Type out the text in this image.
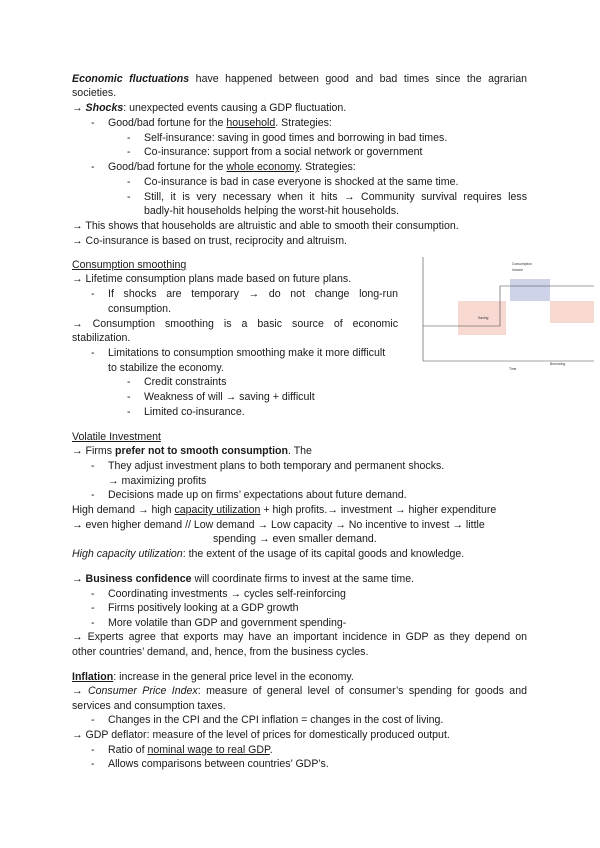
Economic fluctuations have happened between good and bad times since the agrarian
societies.
→ Shocks: unexpected events causing a GDP fluctuation.
- Good/bad fortune for the household. Strategies:
- Self-insurance: saving in good times and borrowing in bad times.
- Co-insurance: support from a social network or government
- Good/bad fortune for the whole economy. Strategies:
- Co-insurance is bad in case everyone is shocked at the same time.
- Still, it is very necessary when it hits → Community survival requires less
badly-hit households helping the worst-hit households.
→ This shows that households are altruistic and able to smooth their consumption.
→ Co-insurance is based on trust, reciprocity and altruism.
Consumption smoothing
→ Lifetime consumption plans made based on future plans.
- If shocks are temporary → do not change long-run
consumption.
→ Consumption smoothing is a basic source of economic
stabilization.
- Limitations to consumption smoothing make it more difficult
to stabilize the economy.
- Credit constraints
- Weakness of will → saving + difficult
- Limited co-insurance.
Borrowing
Time
Consumption
Income
Saving
Volatile Investment
→ Firms prefer not to smooth consumption. The
- They adjust investment plans to both temporary and permanent shocks.
→ maximizing profits
- Decisions made up on firms’ expectations about future demand.
High demand → high capacity utilization + high profits.→ investment → higher expenditure
→ even higher demand // Low demand → Low capacity → No incentive to invest → little
spending → even smaller demand.
High capacity utilization: the extent of the usage of its capital goods and knowledge.
→ Business confidence will coordinate firms to invest at the same time.
- Coordinating investments → cycles self-reinforcing
- Firms positively looking at a GDP growth
- More volatile than GDP and government spending-
→ Experts agree that exports may have an important incidence in GDP as they depend on
other countries’ demand, and, hence, from the business cycles.
Inflation: increase in the general price level in the economy.
→ Consumer Price Index: measure of general level of consumer’s spending for goods and
services and consumption taxes.
- Changes in the CPI and the CPI inflation = changes in the cost of living.
→ GDP deflator: measure of the level of prices for domestically produced output.
- Ratio of nominal wage to real GDP.
- Allows comparisons between countries’ GDP’s.
